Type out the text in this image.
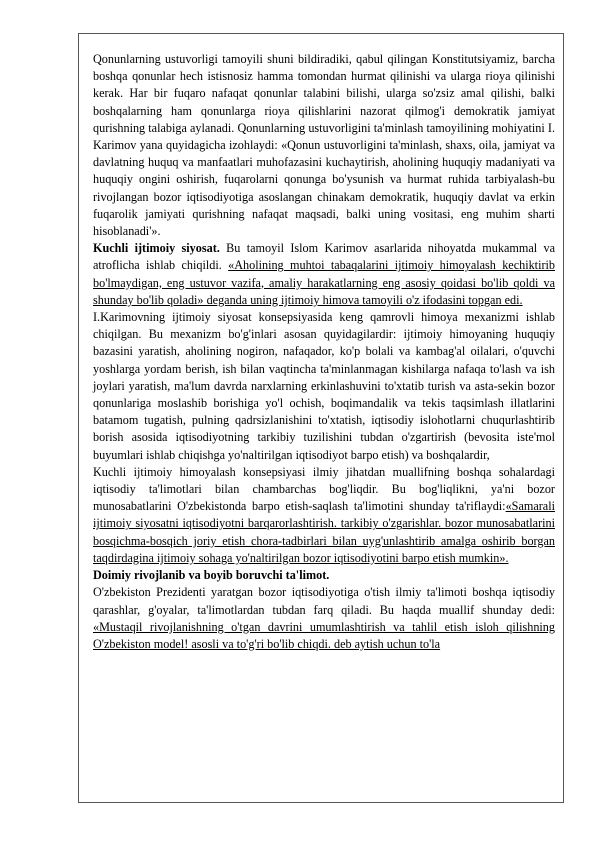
Qonunlarning ustuvorligi tamoyili shuni bildiradiki, qabul qilingan Konstitutsiyamiz, barcha boshqa qonunlar hech istisnosiz hamma tomondan hurmat qilinishi va ularga rioya qilinishi kerak. Har bir fuqaro nafaqat qonunlar talabini bilishi, ularga so'zsiz amal qilishi, balki boshqalarning ham qonunlarga rioya qilishlarini nazorat qilmog'i demokratik jamiyat qurishning talabiga aylanadi. Qonunlarning ustuvorligini ta'minlash tamoyilining mohiyatini I. Karimov yana quyidagicha izohlaydi: «Qonun ustuvorligini ta'minlash, shaxs, oila, jamiyat va davlatning huquq va manfaatlari muhofazasini kuchaytirish, aholining huquqiy madaniyati va huquqiy ongini oshirish, fuqarolarni qonunga bo'ysunish va hurmat ruhida tarbiyalash-bu rivojlangan bozor iqtisodiyotiga asoslangan chinakam demokratik, huquqiy davlat va erkin fuqarolik jamiyati qurishning nafaqat maqsadi, balki uning vositasi, eng muhim sharti hisoblanadi'».

Kuchli ijtimoiy siyosat. Bu tamoyil Islom Karimov asarlarida nihoyatda mukammal va atroflicha ishlab chiqildi. «Aholining muhtoi tabaqalarini ijtimoiy himoyalash kechiktirib bo'lmaydigan, eng ustuvor vazifa, amaliy harakatlarning eng asosiy qoidasi bo'lib qoldi va shunday bo'lib qoladi» deganda uning ijtimoiy himova tamoyili o'z ifodasini topgan edi.

I.Karimovning ijtimoiy siyosat konsepsiyasida keng qamrovli himoya mexanizmi ishlab chiqilgan. Bu mexanizm bo'g'inlari asosan quyidagilardir: ijtimoiy himoyaning huquqiy bazasini yaratish, aholining nogiron, nafaqador, ko'p bolali va kambag'al oilalari, o'quvchi yoshlarga yordam berish, ish bilan vaqtincha ta'minlanmagan kishilarga nafaqa to'lash va ish joylari yaratish, ma'lum davrda narxlarning erkinlashuvini to'xtatib turish va asta-sekin bozor qonunlariga moslashib borishiga yo'l ochish, boqimandalik va tekis taqsimlash illatlarini batamom tugatish, pulning qadrsizlanishini to'xtatish, iqtisodiy islohotlarni chuqurlashtirib borish asosida iqtisodiyotning tarkibiy tuzilishini tubdan o'zgartirish (bevosita iste'mol buyumlari ishlab chiqishga yo'naltirilgan iqtisodiyot barpo etish) va boshqalardir,

Kuchli ijtimoiy himoyalash konsepsiyasi ilmiy jihatdan muallifning boshqa sohalardagi iqtisodiy ta'limotlari bilan chambarchas bog'liqdir. Bu bog'liqlikni, ya'ni bozor munosabatlarini O'zbekistonda barpo etish-saqlash ta'limotini shunday ta'riflaydi:«Samarali ijtimoiy siyosatni iqtisodiyotni barqarorlashtirish. tarkibiy o'zgarishlar. bozor munosabatlarini bosqichma-bosqich joriy etish chora-tadbirlari bilan uyg'unlashtirib amalga oshirib borgan taqdirdagina ijtimoiy sohaga yo'naltirilgan bozor iqtisodiyotini barpo etish mumkin».

Doimiy rivojlanib va boyib boruvchi ta'limot.

O'zbekiston Prezidenti yaratgan bozor iqtisodiyotiga o'tish ilmiy ta'limoti boshqa iqtisodiy qarashlar, g'oyalar, ta'limotlardan tubdan farq qiladi. Bu haqda muallif shunday dedi: «Mustaqil rivojlanishning o'tgan davrini umumlashtirish va tahlil etish isloh qilishning O'zbekiston model! asosli va to'g'ri bo'lib chiqdi. deb aytish uchun to'la
